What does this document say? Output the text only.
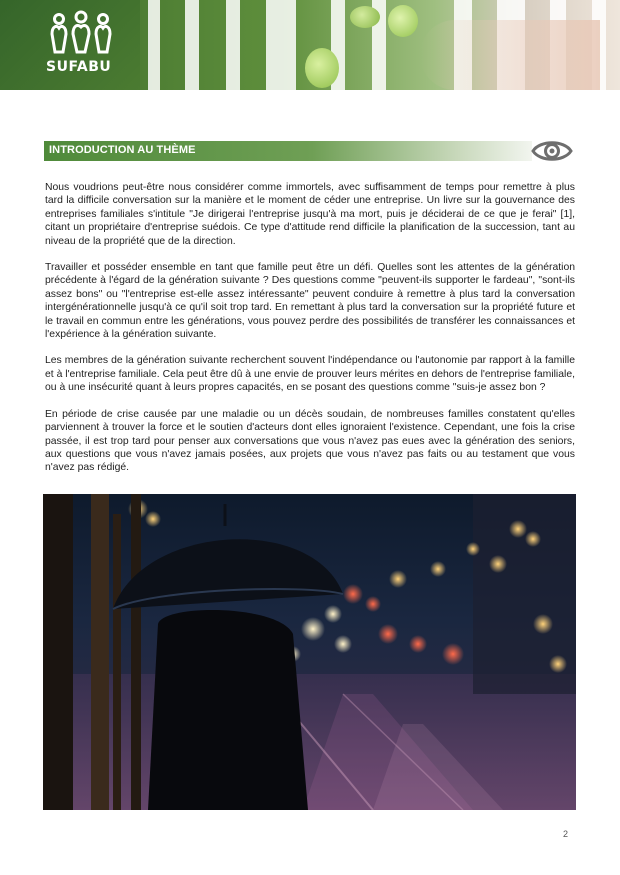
SUFABU
INTRODUCTION AU THÈME

Nous voudrions peut-être nous considérer comme immortels, avec suffisamment de temps pour remettre à plus tard la difficile conversation sur la manière et le moment de céder une entreprise. Un livre sur la gouvernance des entreprises familiales s'intitule "Je dirigerai l'entreprise jusqu'à ma mort, puis je déciderai de ce que je ferai" [1], citant un propriétaire d'entreprise suédois. Ce type d'attitude rend difficile la planification de la succession, tant au niveau de la propriété que de la direction.

Travailler et posséder ensemble en tant que famille peut être un défi. Quelles sont les attentes de la génération précédente à l'égard de la génération suivante ? Des questions comme "peuvent-ils supporter le fardeau", "sont-ils assez bons" ou "l'entreprise est-elle assez intéressante" peuvent conduire à remettre à plus tard la conversation intergénérationnelle jusqu'à ce qu'il soit trop tard. En remettant à plus tard la conversation sur la propriété future et le travail en commun entre les générations, vous pouvez perdre des possibilités de transférer les connaissances et l'expérience à la génération suivante.

Les membres de la génération suivante recherchent souvent l'indépendance ou l'autonomie par rapport à la famille et à l'entreprise familiale. Cela peut être dû à une envie de prouver leurs mérites en dehors de l'entreprise familiale, ou à une insécurité quant à leurs propres capacités, en se posant des questions comme "suis-je assez bon ?

En période de crise causée par une maladie ou un décès soudain, de nombreuses familles constatent qu'elles parviennent à trouver la force et le soutien d'acteurs dont elles ignoraient l'existence. Cependant, une fois la crise passée, il est trop tard pour penser aux conversations que vous n'avez pas eues avec la génération des seniors, aux questions que vous n'avez jamais posées, aux projets que vous n'avez pas faits ou au testament que vous n'avez pas rédigé.

2
